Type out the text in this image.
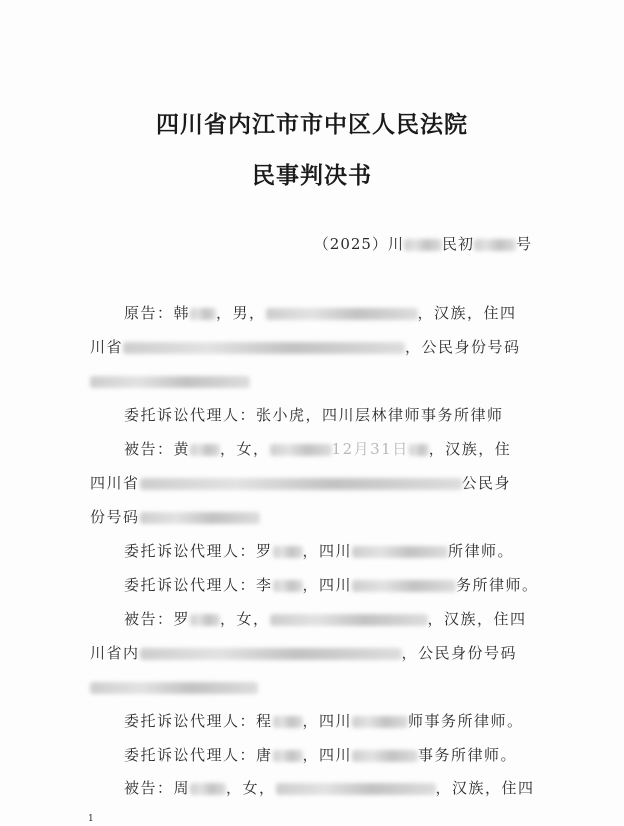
四川省内江市市中区人民法院
民事判决书
（2025）川	民初	号
原告：韩 ，男，	，汉族，住四
川省	，公民身份号码
委托诉讼代理人：张小虎，四川层林律师事务所律师
被告：黄 ，女，	12月31日 ，汉族，住
四川省	公民身
份号码
委托诉讼代理人：罗 ，四川	所律师。
委托诉讼代理人：李 ，四川	务所律师。
被告：罗 ，女，	，汉族，住四
川省内	，公民身份号码
委托诉讼代理人：程 ，四川	师事务所律师。
委托诉讼代理人：唐 ，四川	事务所律师。
被告：周 ，女，	，汉族，住四
1
